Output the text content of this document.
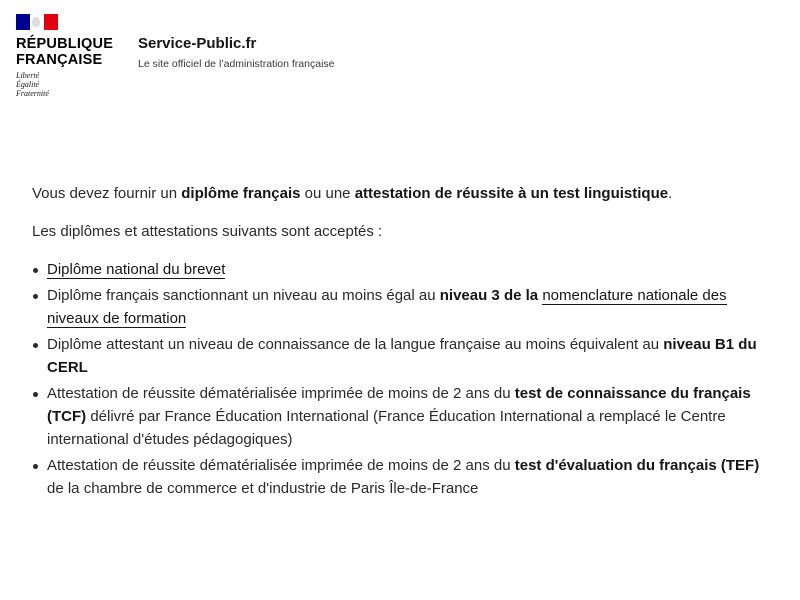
RÉPUBLIQUE
FRANÇAISE
Liberté
Égalité
Fraternité
Service-Public.fr
Le site officiel de l’administration française

Vous devez fournir un diplôme français ou une attestation de réussite à un test linguistique.

Les diplômes et attestations suivants sont acceptés :

Diplôme national du brevet
Diplôme français sanctionnant un niveau au moins égal au niveau 3 de la nomenclature nationale des niveaux de formation
Diplôme attestant un niveau de connaissance de la langue française au moins équivalent au niveau B1 du CERL
Attestation de réussite dématérialisée imprimée de moins de 2 ans du test de connaissance du français (TCF) délivré par France Éducation International (France Éducation International a remplacé le Centre international d'études pédagogiques)
Attestation de réussite dématérialisée imprimée de moins de 2 ans du test d'évaluation du français (TEF) de la chambre de commerce et d'industrie de Paris Île-de-France
